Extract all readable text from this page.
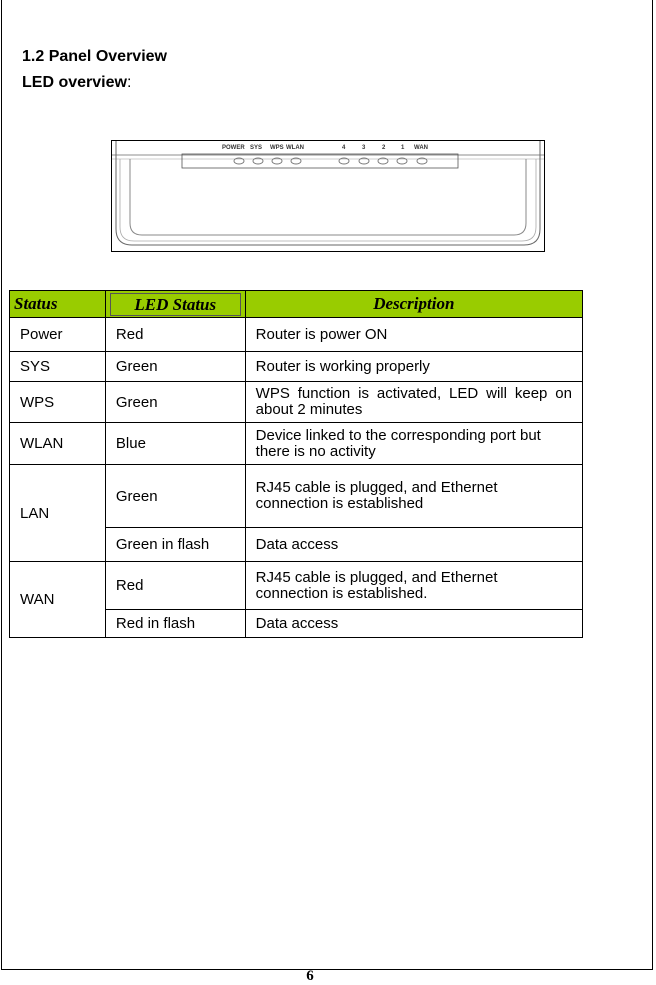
1.2 Panel Overview
LED overview:
POWER SYS WPS WLAN	4	3	2	1 WAN
Status	LED Status	Description
Power	Red	Router is power ON
SYS	Green	Router is working properly
WPS	Green	WPS function is activated, LED will keep on about 2 minutes
WLAN	Blue	Device linked to the corresponding port but there is no activity
LAN	Green	RJ45 cable is plugged, and Ethernet connection is established
	Green in flash	Data access
WAN	Red	RJ45 cable is plugged, and Ethernet connection is established.
	Red in flash	Data access
6
